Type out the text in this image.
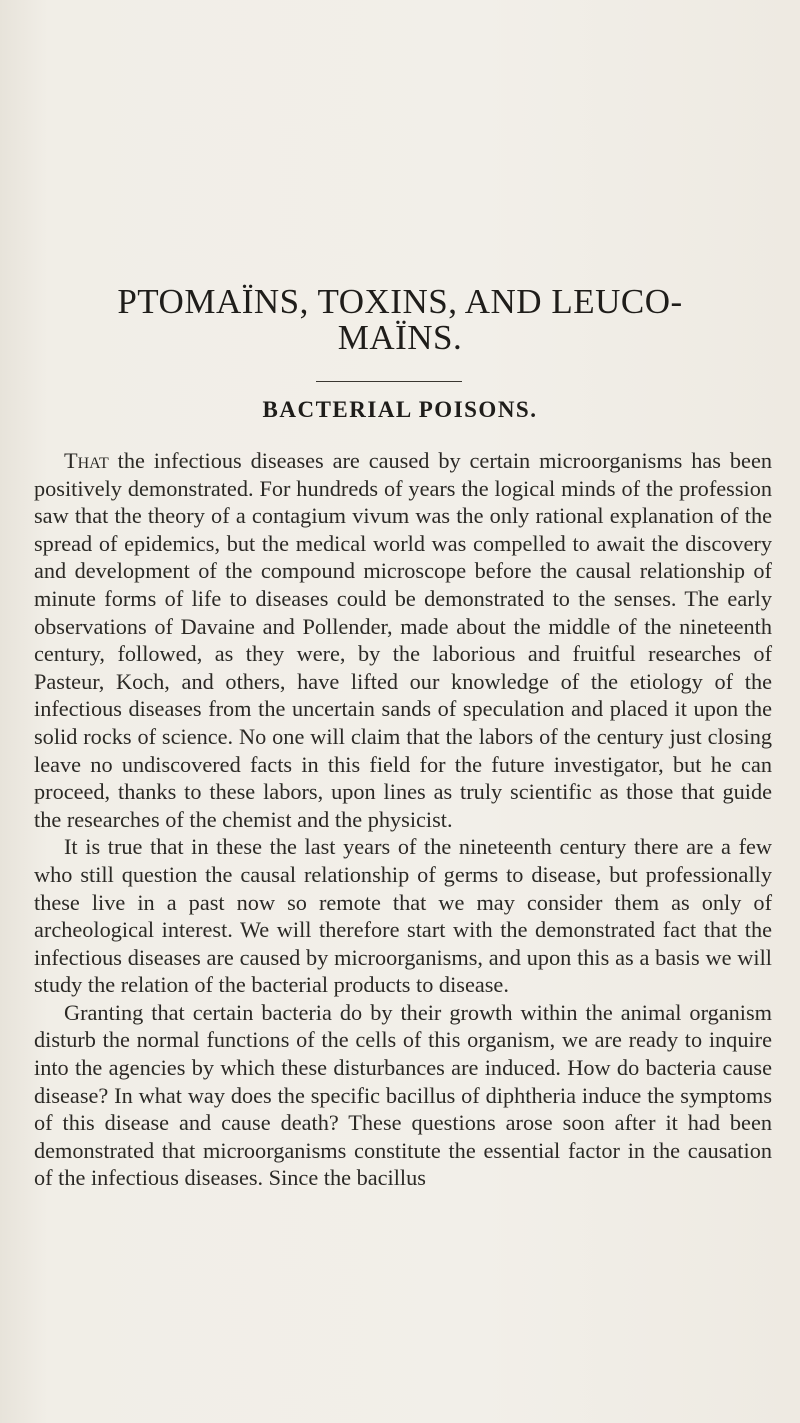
PTOMAÏNS, TOXINS, AND LEUCO-MAÏNS.
BACTERIAL POISONS.

That the infectious diseases are caused by certain microorganisms has been positively demonstrated. For hundreds of years the logical minds of the profession saw that the theory of a contagium vivum was the only rational explanation of the spread of epidemics, but the medical world was compelled to await the discovery and development of the compound microscope before the causal relationship of minute forms of life to diseases could be demonstrated to the senses. The early observations of Davaine and Pollender, made about the middle of the nineteenth century, followed, as they were, by the laborious and fruitful researches of Pasteur, Koch, and others, have lifted our knowledge of the etiology of the infectious diseases from the uncertain sands of speculation and placed it upon the solid rocks of science. No one will claim that the labors of the century just closing leave no undiscovered facts in this field for the future investigator, but he can proceed, thanks to these labors, upon lines as truly scientific as those that guide the researches of the chemist and the physicist.

It is true that in these the last years of the nineteenth century there are a few who still question the causal relationship of germs to disease, but professionally these live in a past now so remote that we may consider them as only of archeological interest. We will therefore start with the demonstrated fact that the infectious diseases are caused by microorganisms, and upon this as a basis we will study the relation of the bacterial products to disease.

Granting that certain bacteria do by their growth within the animal organism disturb the normal functions of the cells of this organism, we are ready to inquire into the agencies by which these disturbances are induced. How do bacteria cause disease? In what way does the specific bacillus of diphtheria induce the symptoms of this disease and cause death? These questions arose soon after it had been demonstrated that microorganisms constitute the essential factor in the causation of the infectious diseases. Since the bacillus
